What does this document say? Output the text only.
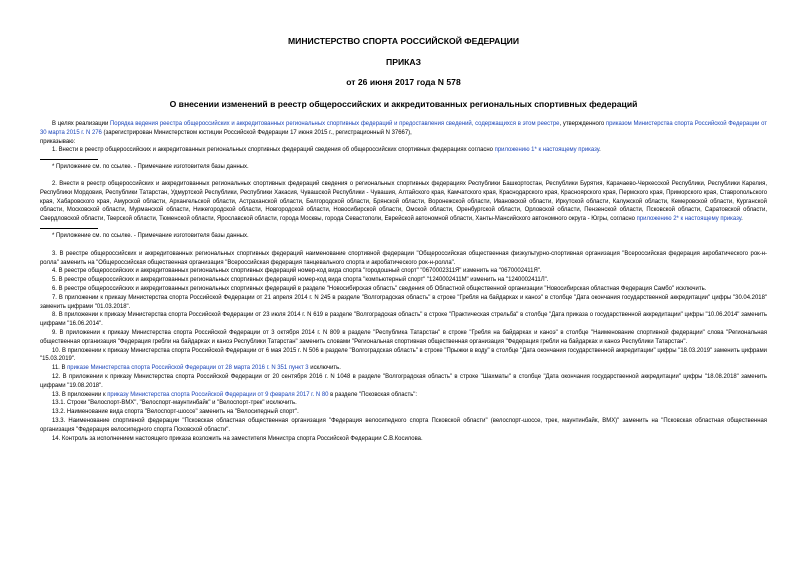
МИНИСТЕРСТВО СПОРТА РОССИЙСКОЙ ФЕДЕРАЦИИ

ПРИКАЗ

от 26 июня 2017 года N 578

О внесении изменений в реестр общероссийских и аккредитованных региональных спортивных федераций

В целях реализации Порядка ведения реестра общероссийских и аккредитованных региональных спортивных федераций и предоставления сведений, содержащихся в этом реестре, утвержденного приказом Министерства спорта Российской Федерации от 30 марта 2015 г. N 276 (зарегистрирован Министерством юстиции Российской Федерации 17 июня 2015 г., регистрационный N 37667),

приказываю:

1. Внести в реестр общероссийских и аккредитованных региональных спортивных федераций сведения об общероссийских спортивных федерациях согласно приложению 1* к настоящему приказу.

* Приложение см. по ссылке. - Примечание изготовителя базы данных.

2. Внести в реестр общероссийских и аккредитованных региональных спортивных федераций сведения о региональных спортивных федерациях Республики Башкортостан, Республики Бурятия, Карачаево-Черкесской Республики, Республики Карелия, Республики Мордовия, Республики Татарстан, Удмуртской Республики, Республики Хакасия, Чувашской Республики - Чувашия, Алтайского края, Камчатского края, Краснодарского края, Красноярского края, Пермского края, Приморского края, Ставропольского края, Хабаровского края, Амурской области, Архангельской области, Астраханской области, Белгородской области, Брянской области, Воронежской области, Ивановской области, Иркутской области, Калужской области, Кемеровской области, Курганской области, Московской области, Мурманской области, Нижегородской области, Новгородской области, Новосибирской области, Омской области, Оренбургской области, Орловской области, Пензенской области, Псковской области, Саратовской области, Свердловской области, Тверской области, Тюменской области, Ярославской области, города Москвы, города Севастополи, Еврейской автономной области, Ханты-Мансийского автономного округа - Югры, согласно приложению 2* к настоящему приказу.

* Приложение см. по ссылке. - Примечание изготовителя базы данных.

3. В реестре общероссийских и аккредитованных региональных спортивных федераций наименование спортивной федерации "Общероссийская общественная физкультурно-спортивная организация "Всероссийская федерация акробатического рок-н-ролла" заменить на "Общероссийская общественная организация "Всероссийская федерация танцевального спорта и акробатического рок-н-ролла".

4. В реестре общероссийских и аккредитованных региональных спортивных федераций номер-код вида спорта "городошный спорт" "0670002311Я" изменить на "0670002411Я".

5. В реестре общероссийских и аккредитованных региональных спортивных федераций номер-код вида спорта "компьютерный спорт" "1240002411М" изменить на "1240002411Л".

6. В реестре общероссийских и аккредитованных региональных спортивных федераций в разделе "Новосибирская область" сведения об Областной общественной организации "Новосибирская областная Федерация Самбо" исключить.

7. В приложении к приказу Министерства спорта Российской Федерации от 21 апреля 2014 г. N 245 в разделе "Волгоградская область" в строке "Гребля на байдарках и каноэ" в столбце "Дата окончания государственной аккредитации" цифры "30.04.2018" заменить цифрами "01.03.2018".

8. В приложении к приказу Министерства спорта Российской Федерации от 23 июля 2014 г. N 619 в разделе "Волгоградская область" в строке "Практическая стрельба" в столбце "Дата приказа о государственной аккредитации" цифры "10.06.2014" заменить цифрами "16.06.2014".

9. В приложении к приказу Министерства спорта Российской Федерации от 3 октября 2014 г. N 809 в разделе "Республика Татарстан" в строке "Гребля на байдарках и каноэ" в столбце "Наименование спортивной федерации" слова "Региональная общественная организация "Федерация гребли на байдарках и каноэ Республики Татарстан" заменить словами "Региональная спортивная общественная организация "Федерация гребли на байдарках и каноэ Республики Татарстан".

10. В приложении к приказу Министерства спорта Российской Федерации от 6 мая 2015 г. N 506 в разделе "Волгоградская область" в строке "Прыжки в воду" в столбце "Дата окончания государственной аккредитации" цифры "18.03.2019" заменить цифрами "15.03.2019".

11. В приказе Министерства спорта Российской Федерации от 28 марта 2016 г. N 351 пункт 3 исключить.

12. В приложении к приказу Министерства спорта Российской Федерации от 20 сентября 2016 г. N 1048 в разделе "Волгоградская область" в строке "Шахматы" в столбце "Дата окончания государственной аккредитации" цифры "18.08.2018" заменить цифрами "19.08.2018".

13. В приложении к приказу Министерства спорта Российской Федерации от 9 февраля 2017 г. N 80 в разделе "Псковская область":

13.1. Строки "Велоспорт-ВМХ", "Велоспорт-маунтинбайк" и "Велоспорт-трек" исключить.

13.2. Наименование вида спорта "Велоспорт-шоссе" заменить на "Велосипедный спорт".

13.3. Наименование спортивной федерации "Псковская областная общественная организация "Федерация велосипедного спорта Псковской области" (велоспорт-шоссе, трек, маунтинбайк, ВМХ)" заменить на "Псковская областная общественная организация "Федерация велосипедного спорта Псковской области".

14. Контроль за исполнением настоящего приказа возложить на заместителя Министра спорта Российской Федерации С.В.Косилова.
